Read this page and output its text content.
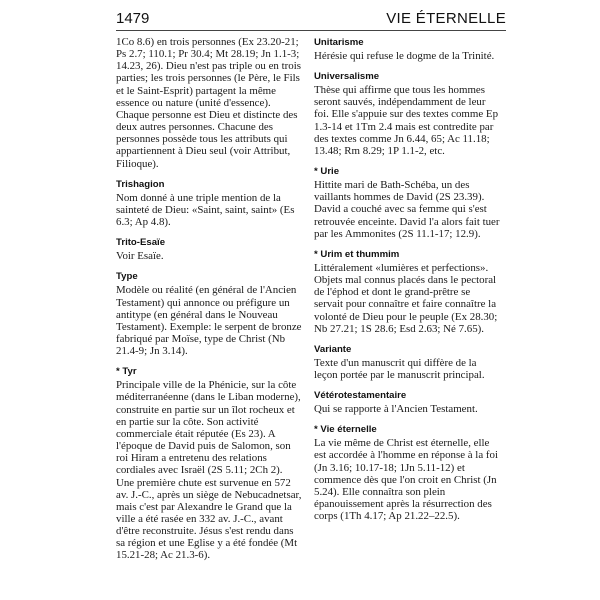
1479	VIE ÉTERNELLE

1Co 8.6) en trois personnes (Ex 23.20-21; Ps 2.7; 110.1; Pr 30.4; Mt 28.19; Jn 1.1-3; 14.23, 26). Dieu n'est pas triple ou en trois parties; les trois personnes (le Père, le Fils et le Saint-Esprit) partagent la même essence ou nature (unité d'essence). Chaque personne est Dieu et distincte des deux autres personnes. Chacune des personnes possède tous les attributs qui appartiennent à Dieu seul (voir Attribut, Filioque).

Trishagion

Nom donné à une triple mention de la sainteté de Dieu: «Saint, saint, saint» (Es 6.3; Ap 4.8).

Trito-Esaïe

Voir Esaïe.

Type

Modèle ou réalité (en général de l'Ancien Testament) qui annonce ou préfigure un antitype (en général dans le Nouveau Testament). Exemple: le serpent de bronze fabriqué par Moïse, type de Christ (Nb 21.4-9; Jn 3.14).

* Tyr

Principale ville de la Phénicie, sur la côte méditerranéenne (dans le Liban moderne), construite en partie sur un îlot rocheux et en partie sur la côte. Son activité commerciale était réputée (Es 23). A l'époque de David puis de Salomon, son roi Hiram a entretenu des relations cordiales avec Israël (2S 5.11; 2Ch 2). Une première chute est survenue en 572 av. J.-C., après un siège de Nebucadnetsar, mais c'est par Alexandre le Grand que la ville a été rasée en 332 av. J.-C., avant d'être reconstruite. Jésus s'est rendu dans sa région et une Eglise y a été fondée (Mt 15.21-28; Ac 21.3-6).

Unitarisme

Hérésie qui refuse le dogme de la Trinité.

Universalisme

Thèse qui affirme que tous les hommes seront sauvés, indépendamment de leur foi. Elle s'appuie sur des textes comme Ep 1.3-14 et 1Tm 2.4 mais est contredite par des textes comme Jn 6.44, 65; Ac 11.18; 13.48; Rm 8.29; 1P 1.1-2, etc.

* Urie

Hittite mari de Bath-Schéba, un des vaillants hommes de David (2S 23.39). David a couché avec sa femme qui s'est retrouvée enceinte. David l'a alors fait tuer par les Ammonites (2S 11.1-17; 12.9).

* Urim et thummim

Littéralement «lumières et perfections». Objets mal connus placés dans le pectoral de l'éphod et dont le grand-prêtre se servait pour connaître et faire connaître la volonté de Dieu pour le peuple (Ex 28.30; Nb 27.21; 1S 28.6; Esd 2.63; Né 7.65).

Variante

Texte d'un manuscrit qui diffère de la leçon portée par le manuscrit principal.

Vétérotestamentaire

Qui se rapporte à l'Ancien Testament.

* Vie éternelle

La vie même de Christ est éternelle, elle est accordée à l'homme en réponse à la foi (Jn 3.16; 10.17-18; 1Jn 5.11-12) et commence dès que l'on croit en Christ (Jn 5.24). Elle connaîtra son plein épanouissement après la résurrection des corps (1Th 4.17; Ap 21.22–22.5).
